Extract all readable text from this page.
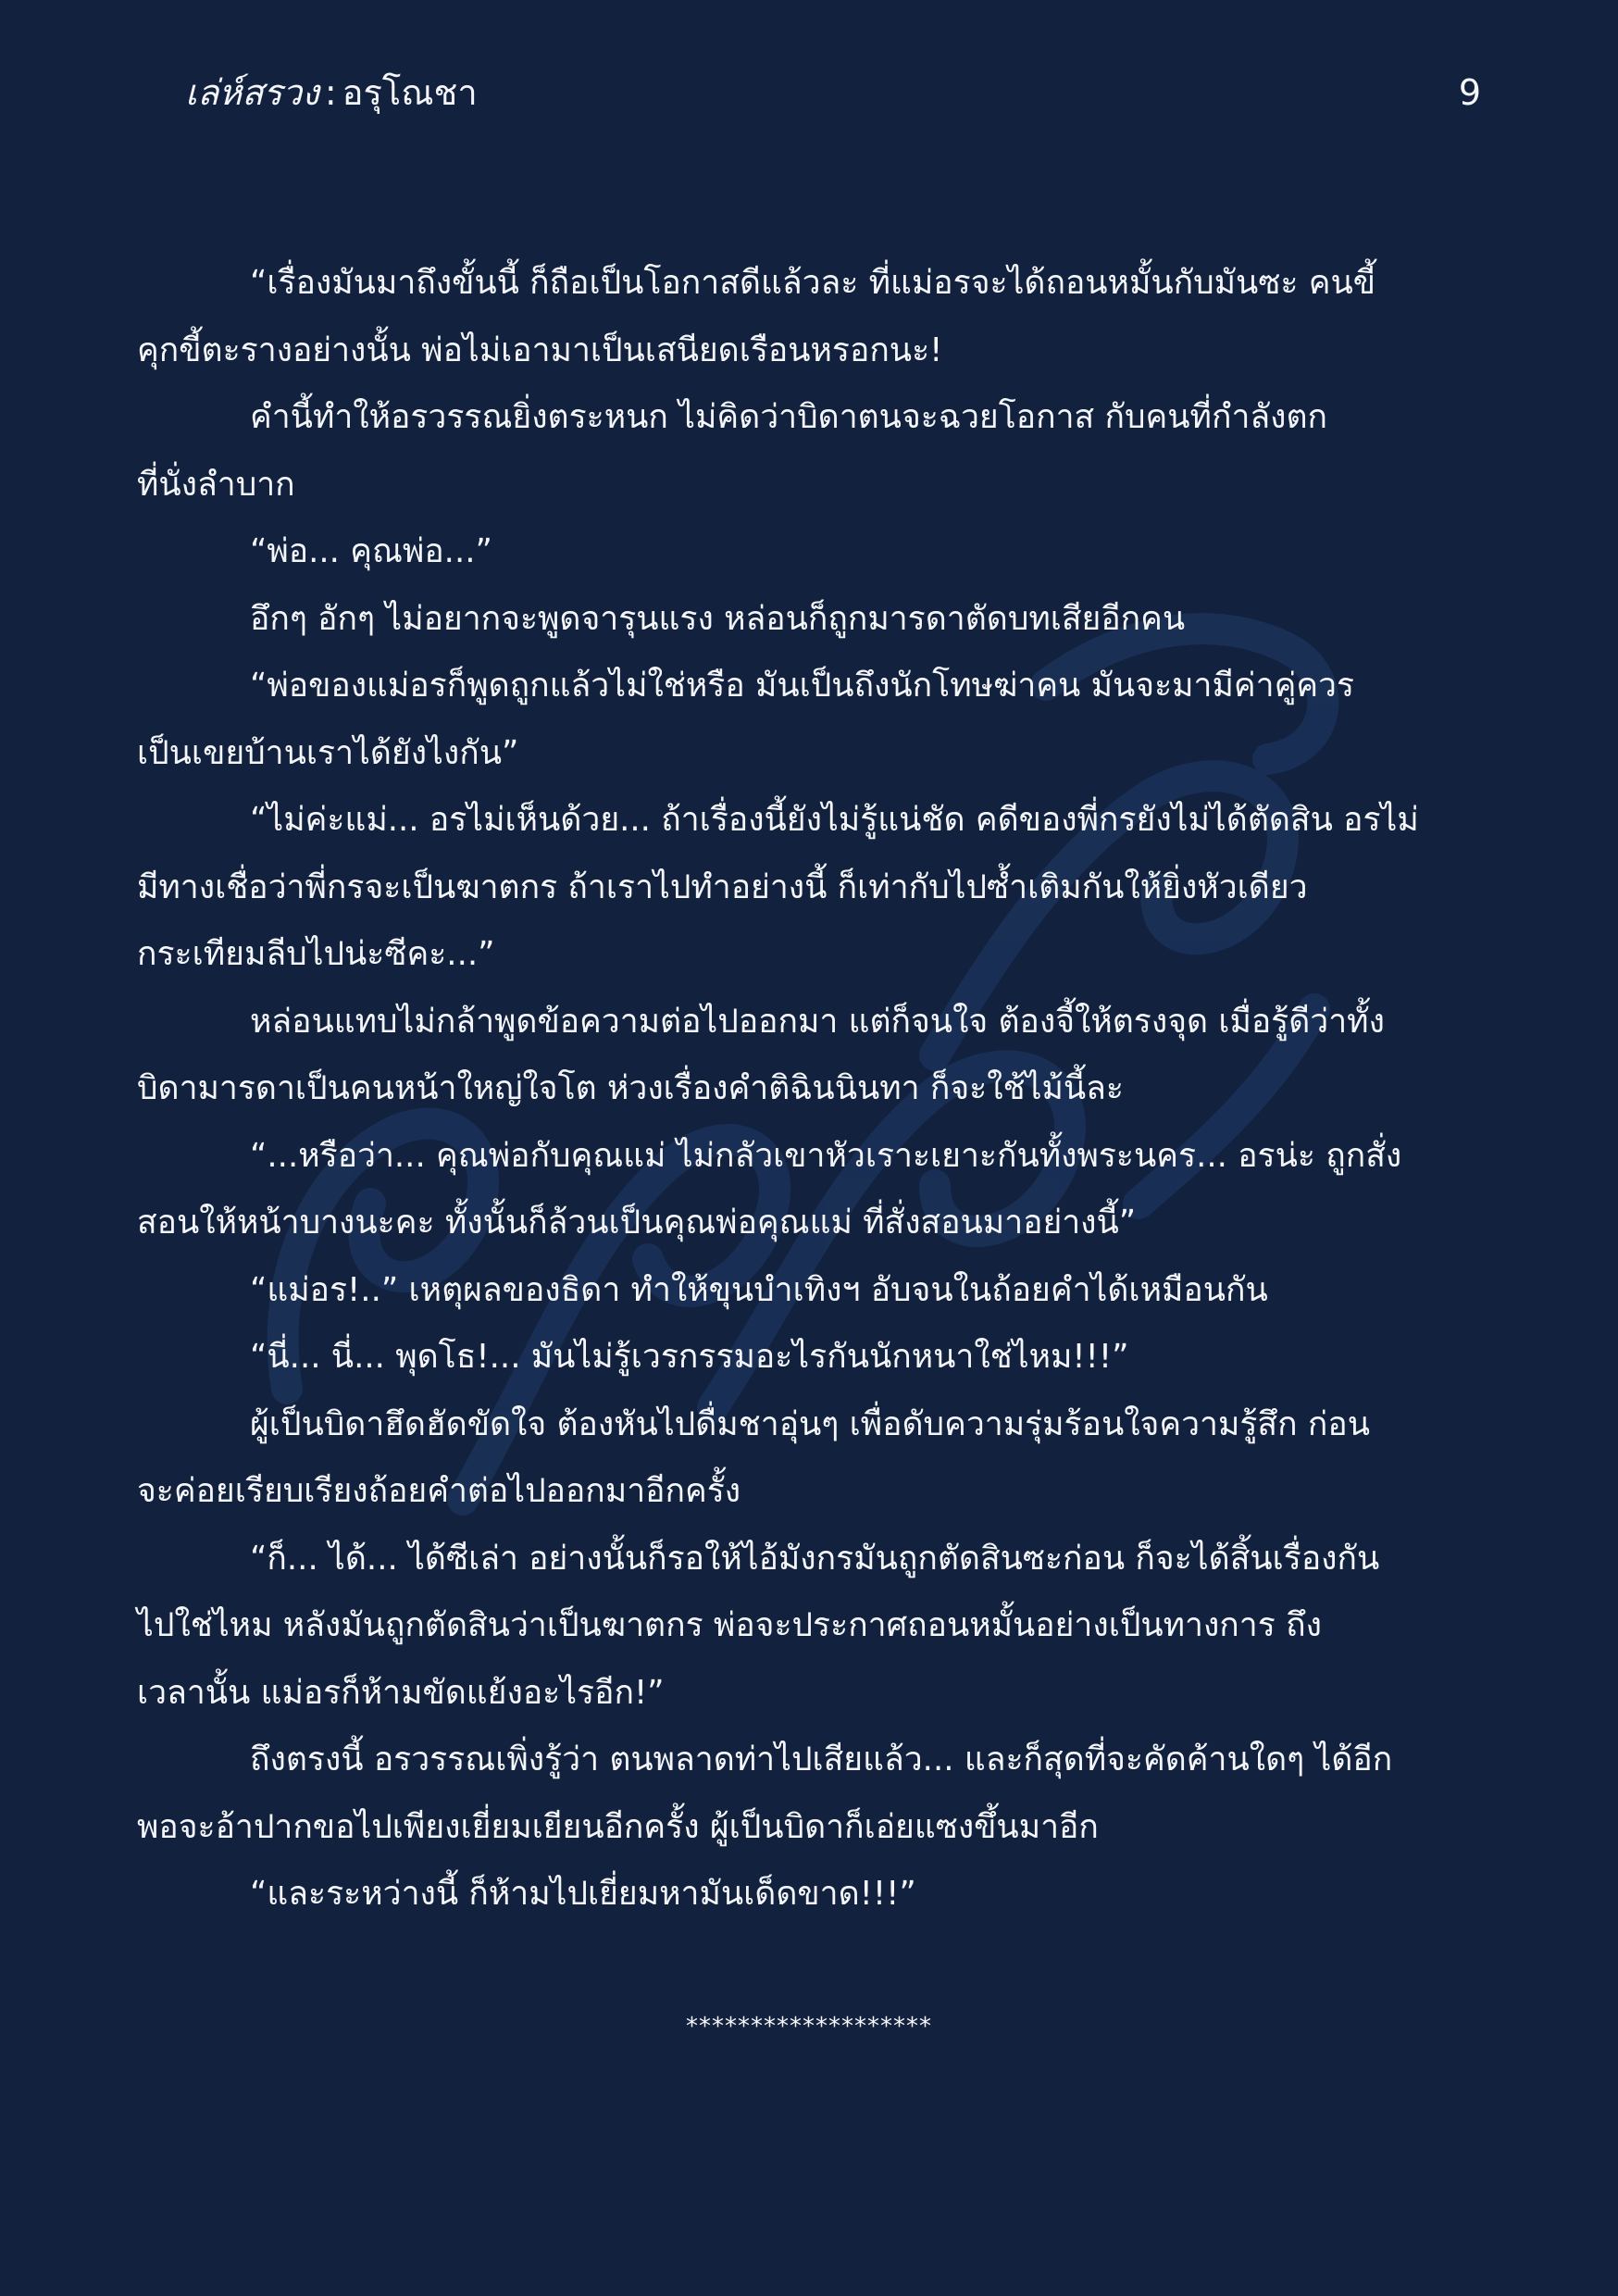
เล่ห์สรวง : อรุโณชา	9

“เรื่องมันมาถึงขั้นนี้ ก็ถือเป็นโอกาสดีแล้วละ ที่แม่อรจะได้ถอนหมั้นกับมันซะ คนขี้

คุกขี้ตะรางอย่างนั้น พ่อไม่เอามาเป็นเสนียดเรือนหรอกนะ!

คำนี้ทำให้อรวรรณยิ่งตระหนก ไม่คิดว่าบิดาตนจะฉวยโอกาส กับคนที่กำลังตก

ที่นั่งลำบาก

“พ่อ... คุณพ่อ...”

อึกๆ อักๆ ไม่อยากจะพูดจารุนแรง หล่อนก็ถูกมารดาตัดบทเสียอีกคน

“พ่อของแม่อรก็พูดถูกแล้วไม่ใช่หรือ มันเป็นถึงนักโทษฆ่าคน มันจะมามีค่าคู่ควร

เป็นเขยบ้านเราได้ยังไงกัน”

“ไม่ค่ะแม่... อรไม่เห็นด้วย... ถ้าเรื่องนี้ยังไม่รู้แน่ชัด คดีของพี่กรยังไม่ได้ตัดสิน อรไม่

มีทางเชื่อว่าพี่กรจะเป็นฆาตกร ถ้าเราไปทำอย่างนี้ ก็เท่ากับไปซ้ำเติมกันให้ยิ่งหัวเดียว

กระเทียมลีบไปน่ะซีคะ...”

หล่อนแทบไม่กล้าพูดข้อความต่อไปออกมา แต่ก็จนใจ ต้องจี้ให้ตรงจุด เมื่อรู้ดีว่าทั้ง

บิดามารดาเป็นคนหน้าใหญ่ใจโต ห่วงเรื่องคำติฉินนินทา ก็จะใช้ไม้นี้ละ

“...หรือว่า... คุณพ่อกับคุณแม่ ไม่กลัวเขาหัวเราะเยาะกันทั้งพระนคร... อรน่ะ ถูกสั่ง

สอนให้หน้าบางนะคะ ทั้งนั้นก็ล้วนเป็นคุณพ่อคุณแม่ ที่สั่งสอนมาอย่างนี้”

“แม่อร!..” เหตุผลของธิดา ทำให้ขุนบำเทิงฯ อับจนในถ้อยคำได้เหมือนกัน

“นี่... นี่... พุดโธ!... มันไม่รู้เวรกรรมอะไรกันนักหนาใช่ไหม!!!”

ผู้เป็นบิดาฮึดฮัดขัดใจ ต้องหันไปดื่มชาอุ่นๆ เพื่อดับความรุ่มร้อนใจความรู้สึก ก่อน

จะค่อยเรียบเรียงถ้อยคำต่อไปออกมาอีกครั้ง

“ก็... ได้... ได้ซีเล่า อย่างนั้นก็รอให้ไอ้มังกรมันถูกตัดสินซะก่อน ก็จะได้สิ้นเรื่องกัน

ไปใช่ไหม หลังมันถูกตัดสินว่าเป็นฆาตกร พ่อจะประกาศถอนหมั้นอย่างเป็นทางการ ถึง

เวลานั้น แม่อรก็ห้ามขัดแย้งอะไรอีก!”

ถึงตรงนี้ อรวรรณเพิ่งรู้ว่า ตนพลาดท่าไปเสียแล้ว... และก็สุดที่จะคัดค้านใดๆ ได้อีก

พอจะอ้าปากขอไปเพียงเยี่ยมเยียนอีกครั้ง ผู้เป็นบิดาก็เอ่ยแซงขึ้นมาอีก

“และระหว่างนี้ ก็ห้ามไปเยี่ยมหามันเด็ดขาด!!!”

*******************
